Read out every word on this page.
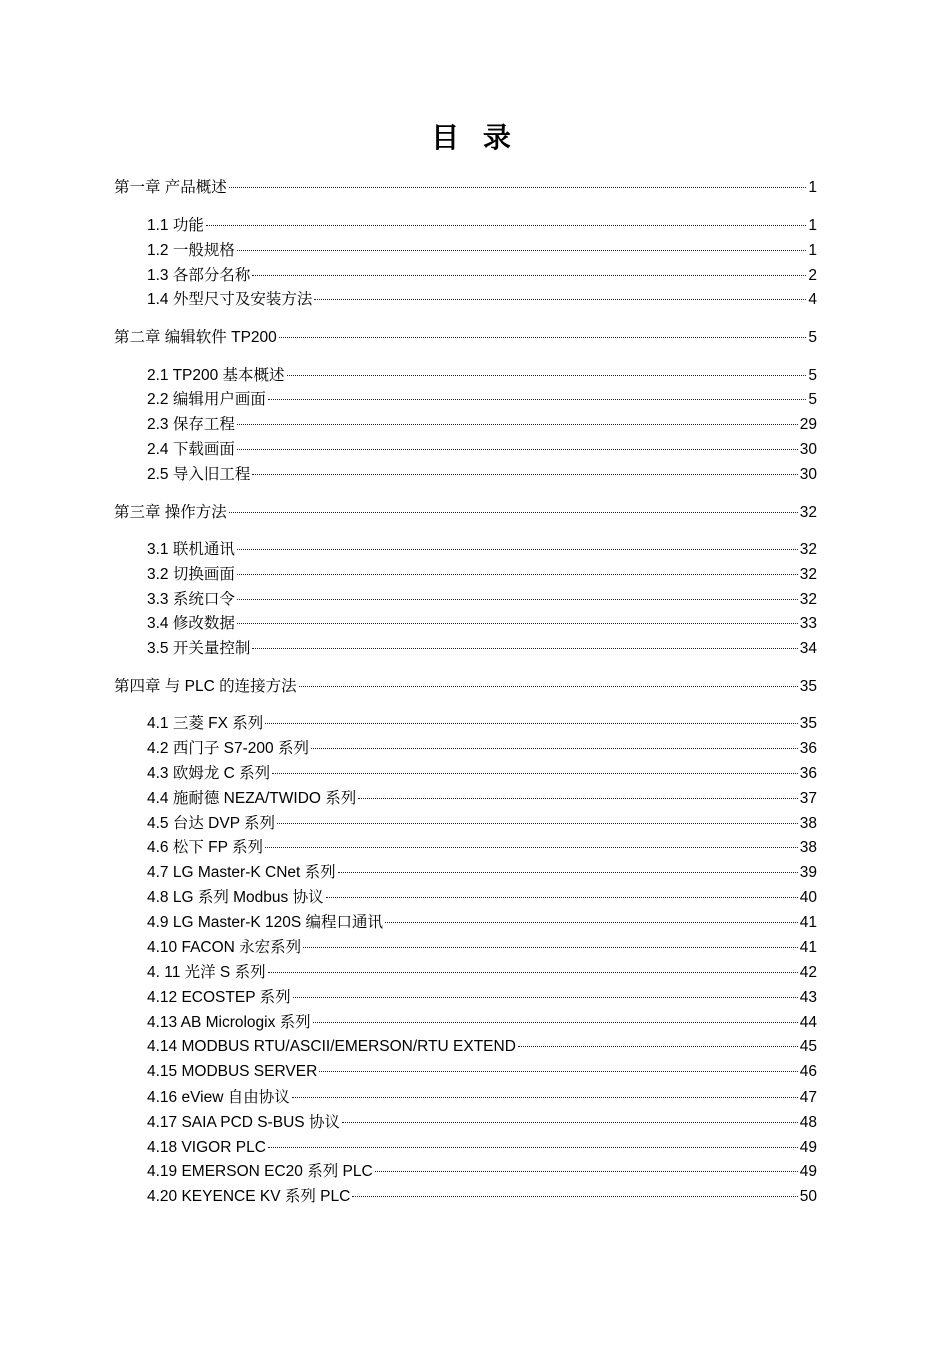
目 录
第一章 产品概述	1
1.1 功能	1
1.2 一般规格	1
1.3 各部分名称	2
1.4 外型尺寸及安装方法	4
第二章 编辑软件 TP200	5
2.1 TP200 基本概述	5
2.2 编辑用户画面	5
2.3 保存工程	29
2.4 下载画面	30
2.5 导入旧工程	30
第三章 操作方法	32
3.1 联机通讯	32
3.2 切换画面	32
3.3 系统口令	32
3.4 修改数据	33
3.5 开关量控制	34
第四章 与 PLC 的连接方法	35
4.1 三菱 FX 系列	35
4.2 西门子 S7-200 系列	36
4.3 欧姆龙 C 系列	36
4.4 施耐德 NEZA/TWIDO 系列	37
4.5 台达 DVP 系列	38
4.6 松下 FP 系列	38
4.7 LG Master-K CNet 系列	39
4.8 LG 系列 Modbus 协议	40
4.9 LG Master-K 120S 编程口通讯	41
4.10 FACON 永宏系列	41
4. 11 光洋 S 系列	42
4.12 ECOSTEP 系列	43
4.13 AB Micrologix 系列	44
4.14 MODBUS RTU/ASCII/EMERSON/RTU EXTEND	45
4.15 MODBUS SERVER	46
4.16 eView 自由协议	47
4.17 SAIA PCD S-BUS 协议	48
4.18 VIGOR PLC	49
4.19 EMERSON EC20 系列 PLC	49
4.20 KEYENCE KV 系列 PLC	50
